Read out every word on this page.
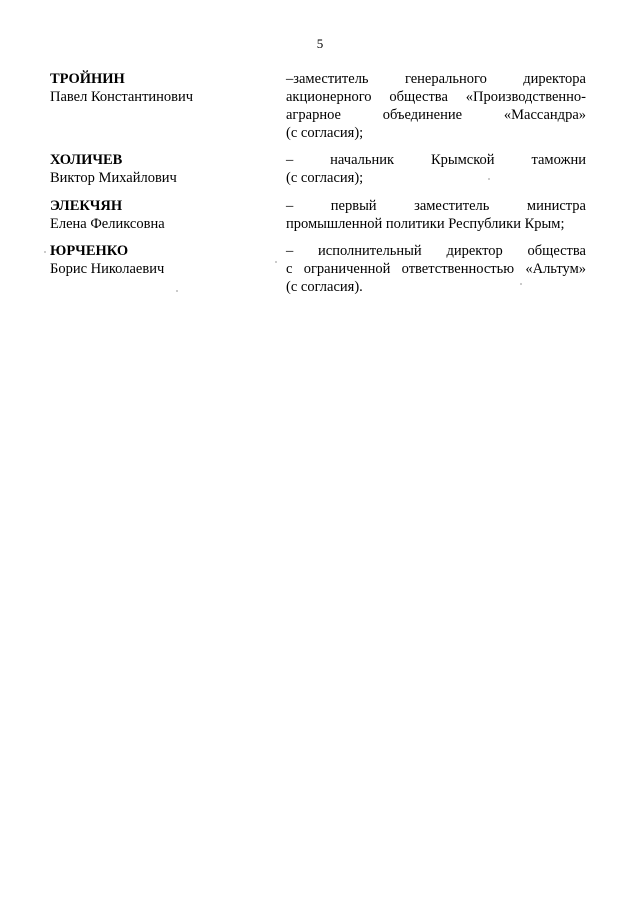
5
ТРОЙНИН
Павел Константинович
–заместитель генерального директора
акционерного общества «Производственно-
аграрное объединение «Массандра»
(с согласия);
ХОЛИЧЕВ
Виктор Михайлович
– начальник Крымской таможни
(с согласия);
ЭЛЕКЧЯН
Елена Феликсовна
– первый заместитель министра
промышленной политики Республики Крым;
ЮРЧЕНКО
Борис Николаевич
– исполнительный директор общества
с ограниченной ответственностью «Альтум»
(с согласия).
